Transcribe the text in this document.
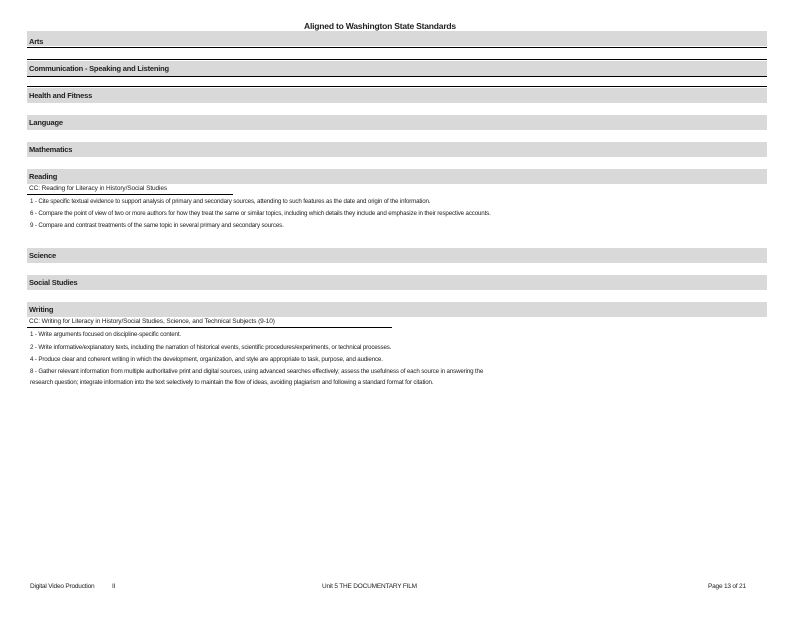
Aligned to Washington State Standards
Arts
Communication - Speaking and Listening
Health and Fitness
Language
Mathematics
Reading
CC: Reading for Literacy in History/Social Studies
1 - Cite specific textual evidence to support analysis of primary and secondary sources, attending to such features as the date and origin of the information.
6 - Compare the point of view of two or more authors for how they treat the same or similar topics, including which details they include and emphasize in their respective accounts.
9 - Compare and contrast treatments of the same topic in several primary and secondary sources.
Science
Social Studies
Writing
CC: Writing for Literacy in History/Social Studies, Science, and Technical Subjects (9-10)
1 - Write arguments focused on discipline-specific content.
2 - Write informative/explanatory texts, including the narration of historical events, scientific procedures/experiments, or technical processes.
4 - Produce clear and coherent writing in which the development, organization, and style are appropriate to task, purpose, and audience.
8 - Gather relevant information from multiple authoritative print and digital sources, using advanced searches effectively; assess the usefulness of each source in answering the
research question; integrate information into the text selectively to maintain the flow of ideas, avoiding plagiarism and following a standard format for citation.
Digital Video Production	II	Unit 5 THE DOCUMENTARY FILM	Page 13 of 21
